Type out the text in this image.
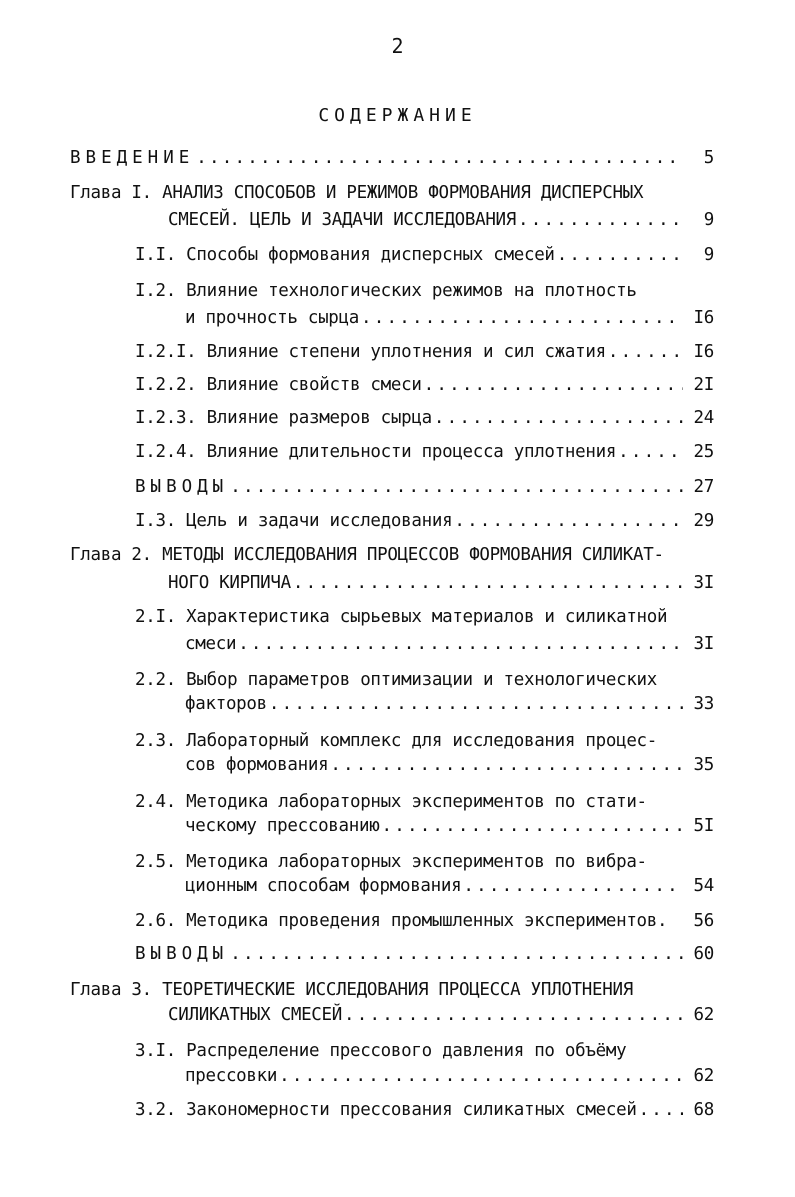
2
СОДЕРЖАНИЕ
ВВЕДЕНИЕ .....	5
Глава I. АНАЛИЗ СПОСОБОВ И РЕЖИМОВ ФОРМОВАНИЯ ДИСПЕРСНЫХ
СМЕСЕЙ. ЦЕЛЬ И ЗАДАЧИ ИССЛЕДОВАНИЯ .....	9
I.I. Способы формования дисперсных смесей .....	9
I.2. Влияние технологических режимов на плотность
и прочность сырца .....	I6
I.2.I. Влияние степени уплотнения и сил сжатия .....	I6
I.2.2. Влияние свойств смеси .....	2I
I.2.3. Влияние размеров сырца .....	24
I.2.4. Влияние длительности процесса уплотнения .....	25
ВЫВОДЫ .....	27
I.3. Цель и задачи исследования .....	29
Глава 2. МЕТОДЫ ИССЛЕДОВАНИЯ ПРОЦЕССОВ ФОРМОВАНИЯ СИЛИКАТ-
НОГО КИРПИЧА .....	3I
2.I. Характеристика сырьевых материалов и силикатной
смеси .....	3I
2.2. Выбор параметров оптимизации и технологических
факторов .....	33
2.3. Лабораторный комплекс для исследования процес-
сов формования .....	35
2.4. Методика лабораторных экспериментов по стати-
ческому прессованию .....	5I
2.5. Методика лабораторных экспериментов по вибра-
ционным способам формования .....	54
2.6. Методика проведения промышленных экспериментов.	56
ВЫВОДЫ .....	60
Глава 3. ТЕОРЕТИЧЕСКИЕ ИССЛЕДОВАНИЯ ПРОЦЕССА УПЛОТНЕНИЯ
СИЛИКАТНЫХ СМЕСЕЙ .....	62
3.I. Распределение прессового давления по объёму
прессовки .....	62
3.2. Закономерности прессования силикатных смесей .....	68
